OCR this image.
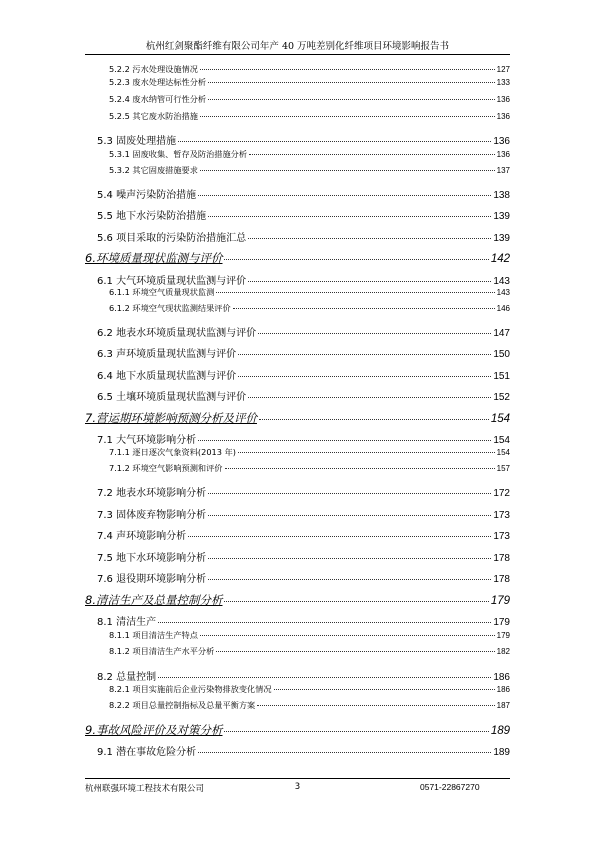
杭州红剑聚酯纤维有限公司年产 40 万吨差别化纤维项目环境影响报告书
5.2.2 污水处理设施情况	127
5.2.3 废水处理达标性分析	133
5.2.4 废水纳管可行性分析	136
5.2.5 其它废水防治措施	136
5.3 固废处理措施	136
5.3.1 固废收集、暂存及防治措施分析	136
5.3.2 其它固废措施要求	137
5.4 噪声污染防治措施	138
5.5 地下水污染防治措施	139
5.6 项目采取的污染防治措施汇总	139
6.环境质量现状监测与评价	142
6.1 大气环境质量现状监测与评价	143
6.1.1 环境空气质量现状监测	143
6.1.2 环境空气现状监测结果评价	146
6.2 地表水环境质量现状监测与评价	147
6.3 声环境质量现状监测与评价	150
6.4 地下水质量现状监测与评价	151
6.5 土壤环境质量现状监测与评价	152
7.营运期环境影响预测分析及评价	154
7.1 大气环境影响分析	154
7.1.1 逐日逐次气象资料(2013 年)	154
7.1.2 环境空气影响预测和评价	157
7.2 地表水环境影响分析	172
7.3 固体废弃物影响分析	173
7.4 声环境影响分析	173
7.5 地下水环境影响分析	178
7.6 退役期环境影响分析	178
8.清洁生产及总量控制分析	179
8.1 清洁生产	179
8.1.1 项目清洁生产特点	179
8.1.2 项目清洁生产水平分析	182
8.2 总量控制	186
8.2.1 项目实施前后企业污染物排放变化情况	186
8.2.2 项目总量控制指标及总量平衡方案	187
9.事故风险评价及对策分析	189
9.1 潜在事故危险分析	189
杭州联强环境工程技术有限公司	3	0571-22867270
